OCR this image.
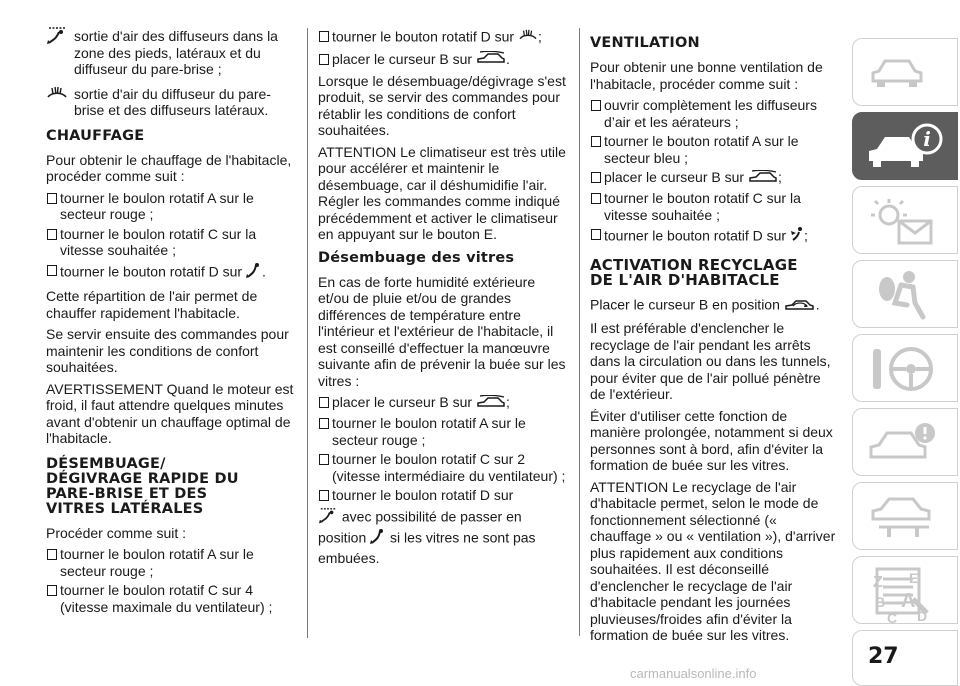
sortie d'air des diffuseurs dans la zone des pieds, latéraux et du diffuseur du pare-brise ;
sortie d'air du diffuseur du pare-brise et des diffuseurs latéraux.
CHAUFFAGE

Pour obtenir le chauffage de l'habitacle, procéder comme suit :

tourner le boulon rotatif A sur le secteur rouge ;
tourner le boulon rotatif C sur la vitesse souhaitée ;
tourner le bouton rotatif D sur .

Cette répartition de l'air permet de chauffer rapidement l'habitacle.

Se servir ensuite des commandes pour maintenir les conditions de confort souhaitées.

AVERTISSEMENT Quand le moteur est froid, il faut attendre quelques minutes avant d'obtenir un chauffage optimal de l'habitacle.

DÉSEMBUAGE/
DÉGIVRAGE RAPIDE DU
PARE-BRISE ET DES
VITRES LATÉRALES

Procéder comme suit :

tourner le boulon rotatif A sur le secteur rouge ;
tourner le boulon rotatif C sur 4 (vitesse maximale du ventilateur) ;
tourner le bouton rotatif D sur ;
placer le curseur B sur .

Lorsque le désembuage/dégivrage s'est produit, se servir des commandes pour rétablir les conditions de confort souhaitées.

ATTENTION Le climatiseur est très utile pour accélérer et maintenir le désembuage, car il déshumidifie l'air. Régler les commandes comme indiqué précédemment et activer le climatiseur en appuyant sur le bouton E.

Désembuage des vitres

En cas de forte humidité extérieure et/ou de pluie et/ou de grandes différences de température entre l'intérieur et l'extérieur de l'habitacle, il est conseillé d'effectuer la manœuvre suivante afin de prévenir la buée sur les vitres :

placer le curseur B sur ;
tourner le boulon rotatif A sur le secteur rouge ;
tourner le boulon rotatif C sur 2 (vitesse intermédiaire du ventilateur) ;
tourner le boulon rotatif D sur
avec possibilité de passer en position si les vitres ne sont pas embuées.
VENTILATION

Pour obtenir une bonne ventilation de l'habitacle, procéder comme suit :

ouvrir complètement les diffuseurs d’air et les aérateurs ;
tourner le bouton rotatif A sur le secteur bleu ;
placer le curseur B sur ;
tourner le bouton rotatif C sur la vitesse souhaitée ;
tourner le bouton rotatif D sur ;
ACTIVATION RECYCLAGE
DE L'AIR D'HABITACLE

Placer le curseur B en position	.

Il est préférable d'enclencher le recyclage de l'air pendant les arrêts dans la circulation ou dans les tunnels, pour éviter que de l'air pollué pénètre de l'extérieur.

Éviter d'utiliser cette fonction de manière prolongée, notamment si deux personnes sont à bord, afin d'éviter la formation de buée sur les vitres.

ATTENTION Le recyclage de l'air d'habitacle permet, selon le mode de fonctionnement sélectionné (« chauffage » ou « ventilation »), d'arriver plus rapidement aux conditions souhaitées. Il est déconseillé d'enclencher le recyclage de l'air d'habitacle pendant les journées pluvieuses/froides afin d'éviter la formation de buée sur les vitres.

i
Z E
B A
C D
27
carmanualsonline.info
